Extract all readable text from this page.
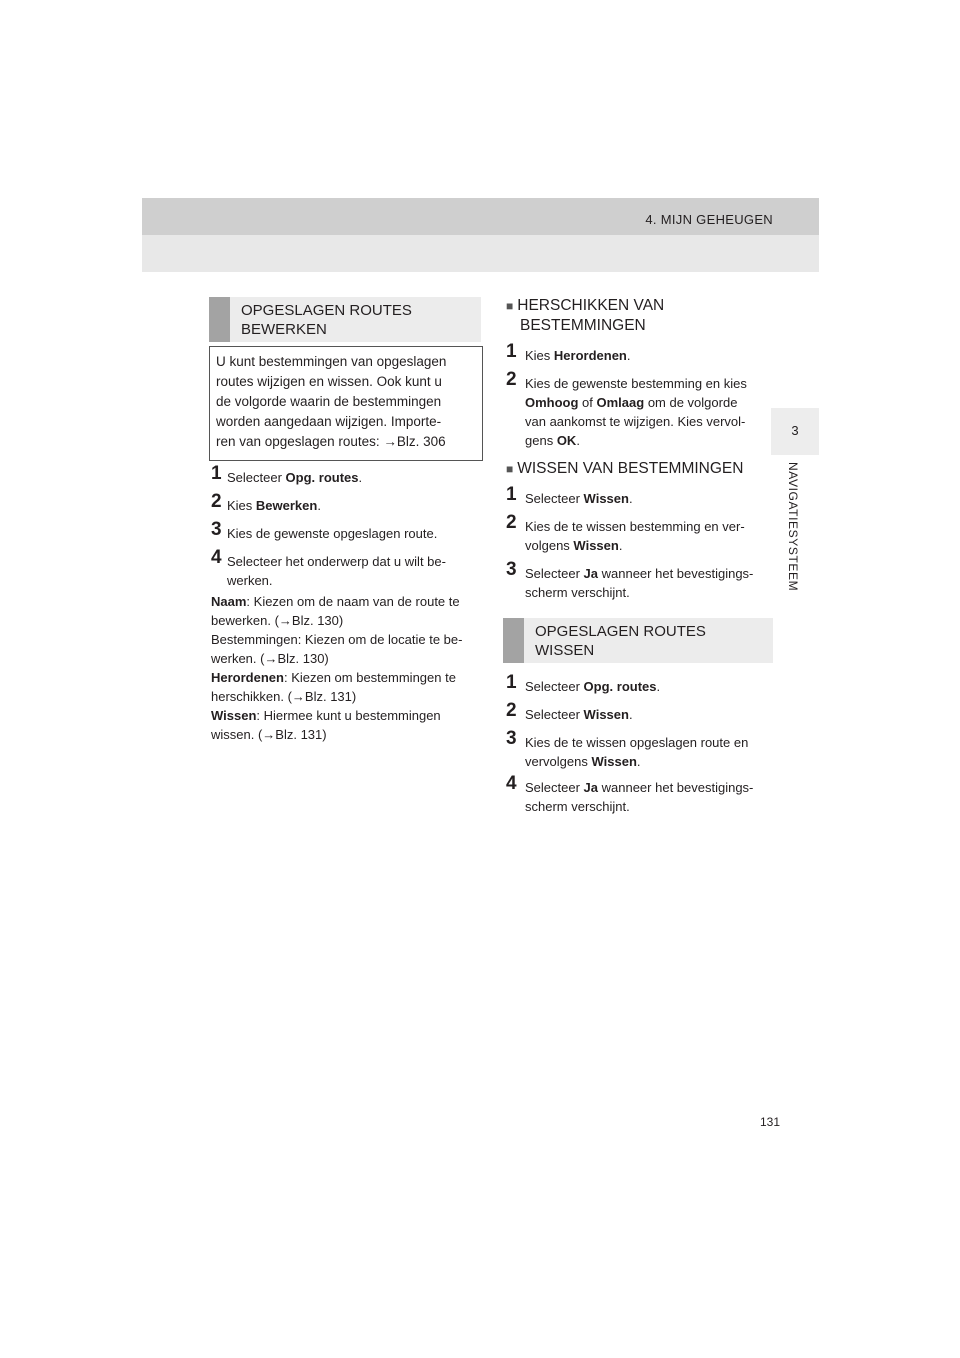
4. MIJN GEHEUGEN
3
NAVIGATIESYSTEEM
OPGESLAGEN ROUTES
BEWERKEN
U kunt bestemmingen van opgeslagen
routes wijzigen en wissen. Ook kunt u
de volgorde waarin de bestemmingen
worden aangedaan wijzigen. Importe-
ren van opgeslagen routes: →Blz. 306
1 Selecteer Opg. routes.
2 Kies Bewerken.
3 Kies de gewenste opgeslagen route.
4 Selecteer het onderwerp dat u wilt be-
werken.
Naam: Kiezen om de naam van de route te
bewerken. (→Blz. 130)
Bestemmingen: Kiezen om de locatie te be-
werken. (→Blz. 130)
Herordenen: Kiezen om bestemmingen te
herschikken. (→Blz. 131)
Wissen: Hiermee kunt u bestemmingen
wissen. (→Blz. 131)
■ HERSCHIKKEN VAN
BESTEMMINGEN
1 Kies Herordenen.
2 Kies de gewenste bestemming en kies
Omhoog of Omlaag om de volgorde
van aankomst te wijzigen. Kies vervol-
gens OK.
■ WISSEN VAN BESTEMMINGEN
1 Selecteer Wissen.
2 Kies de te wissen bestemming en ver-
volgens Wissen.
3 Selecteer Ja wanneer het bevestigings-
scherm verschijnt.
OPGESLAGEN ROUTES
WISSEN
1 Selecteer Opg. routes.
2 Selecteer Wissen.
3 Kies de te wissen opgeslagen route en
vervolgens Wissen.
4 Selecteer Ja wanneer het bevestigings-
scherm verschijnt.
131
